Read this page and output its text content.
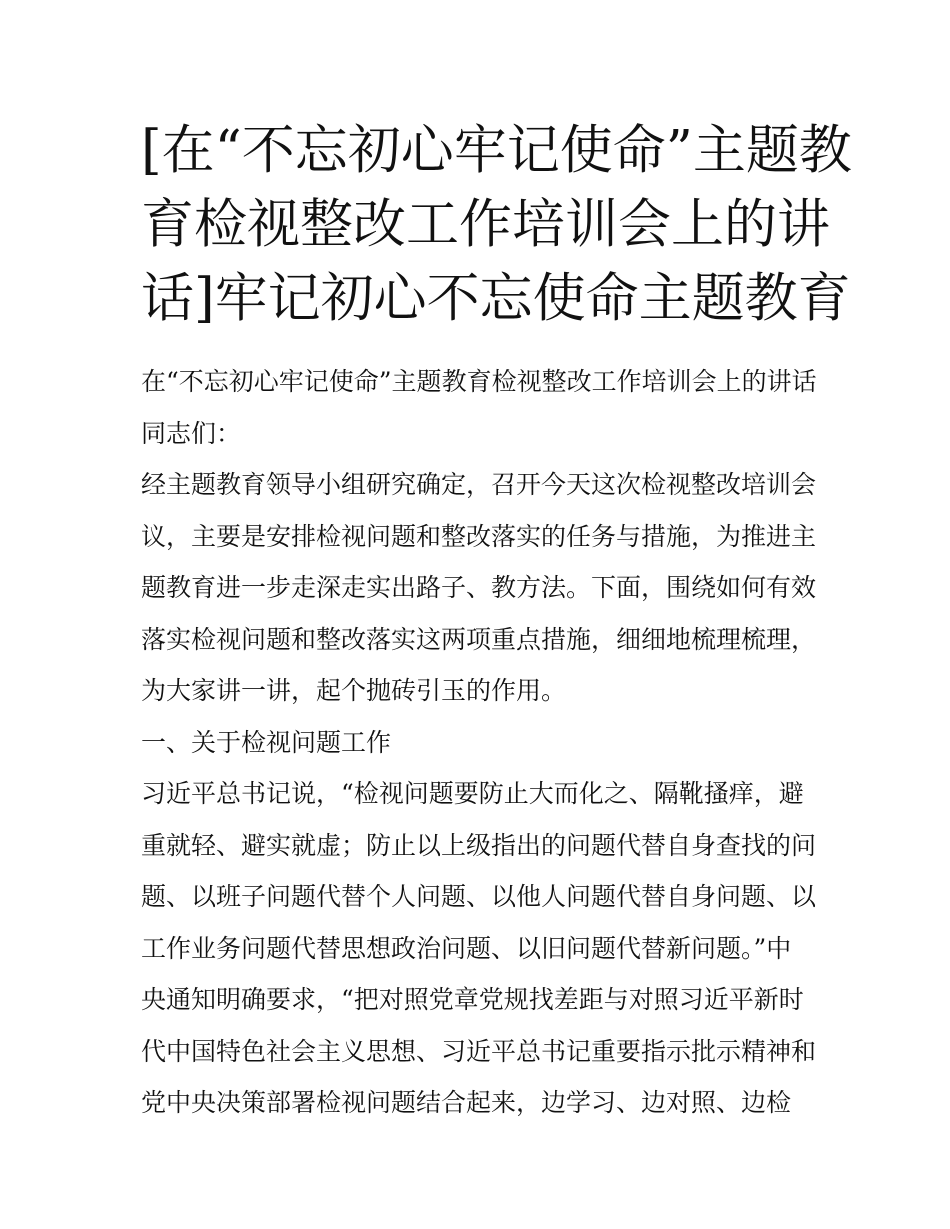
[在“不忘初心牢记使命”主题教
育检视整改工作培训会上的讲
话]牢记初心不忘使命主题教育

在“不忘初心牢记使命”主题教育检视整改工作培训会上的讲话

同志们：

经主题教育领导小组研究确定，召开今天这次检视整改培训会
议，主要是安排检视问题和整改落实的任务与措施，为推进主
题教育进一步走深走实出路子、教方法。下面，围绕如何有效
落实检视问题和整改落实这两项重点措施，细细地梳理梳理，
为大家讲一讲，起个抛砖引玉的作用。

一、关于检视问题工作

习近平总书记说，“检视问题要防止大而化之、隔靴搔痒，避
重就轻、避实就虚；防止以上级指出的问题代替自身查找的问
题、以班子问题代替个人问题、以他人问题代替自身问题、以
工作业务问题代替思想政治问题、以旧问题代替新问题。”中
央通知明确要求，“把对照党章党规找差距与对照习近平新时
代中国特色社会主义思想、习近平总书记重要指示批示精神和
党中央决策部署检视问题结合起来，边学习、边对照、边检
